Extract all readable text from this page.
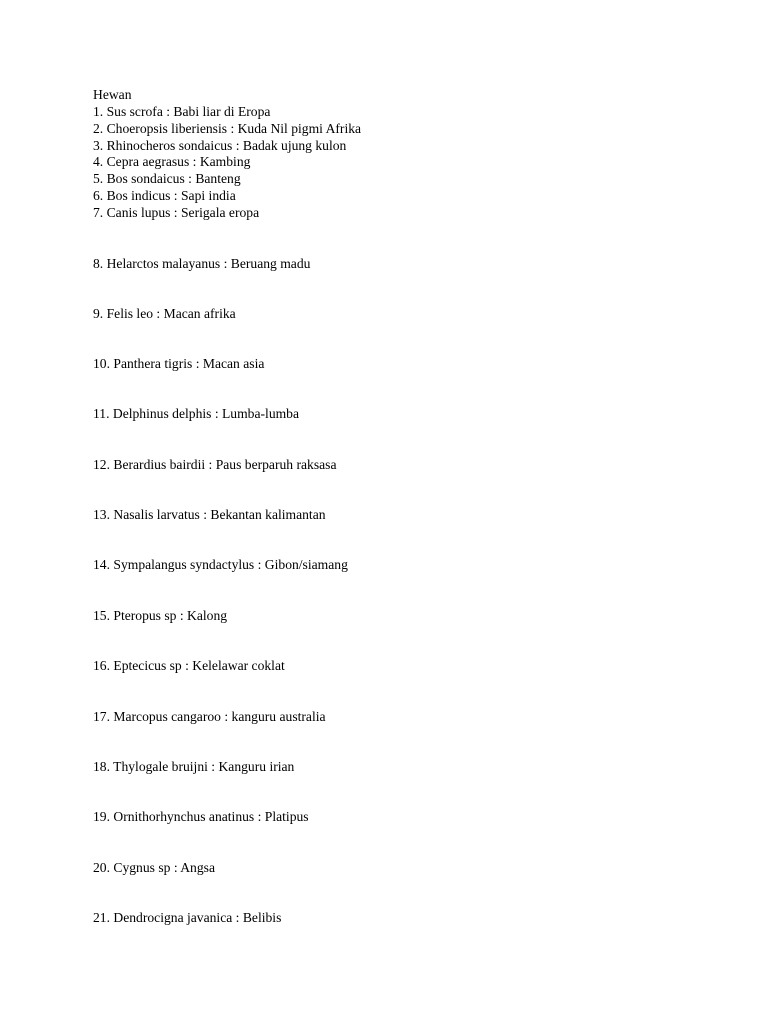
Hewan
1. Sus scrofa : Babi liar di Eropa
2. Choeropsis liberiensis : Kuda Nil pigmi Afrika
3. Rhinocheros sondaicus : Badak ujung kulon
4. Cepra aegrasus : Kambing
5. Bos sondaicus : Banteng
6. Bos indicus : Sapi india
7. Canis lupus : Serigala eropa
8. Helarctos malayanus : Beruang madu
9. Felis leo : Macan afrika
10. Panthera tigris : Macan asia
11. Delphinus delphis : Lumba-lumba
12. Berardius bairdii : Paus berparuh raksasa
13. Nasalis larvatus : Bekantan kalimantan
14. Sympalangus syndactylus : Gibon/siamang
15. Pteropus sp : Kalong
16. Eptecicus sp : Kelelawar coklat
17. Marcopus cangaroo : kanguru australia
18. Thylogale bruijni : Kanguru irian
19. Ornithorhynchus anatinus : Platipus
20. Cygnus sp : Angsa
21. Dendrocigna javanica : Belibis
